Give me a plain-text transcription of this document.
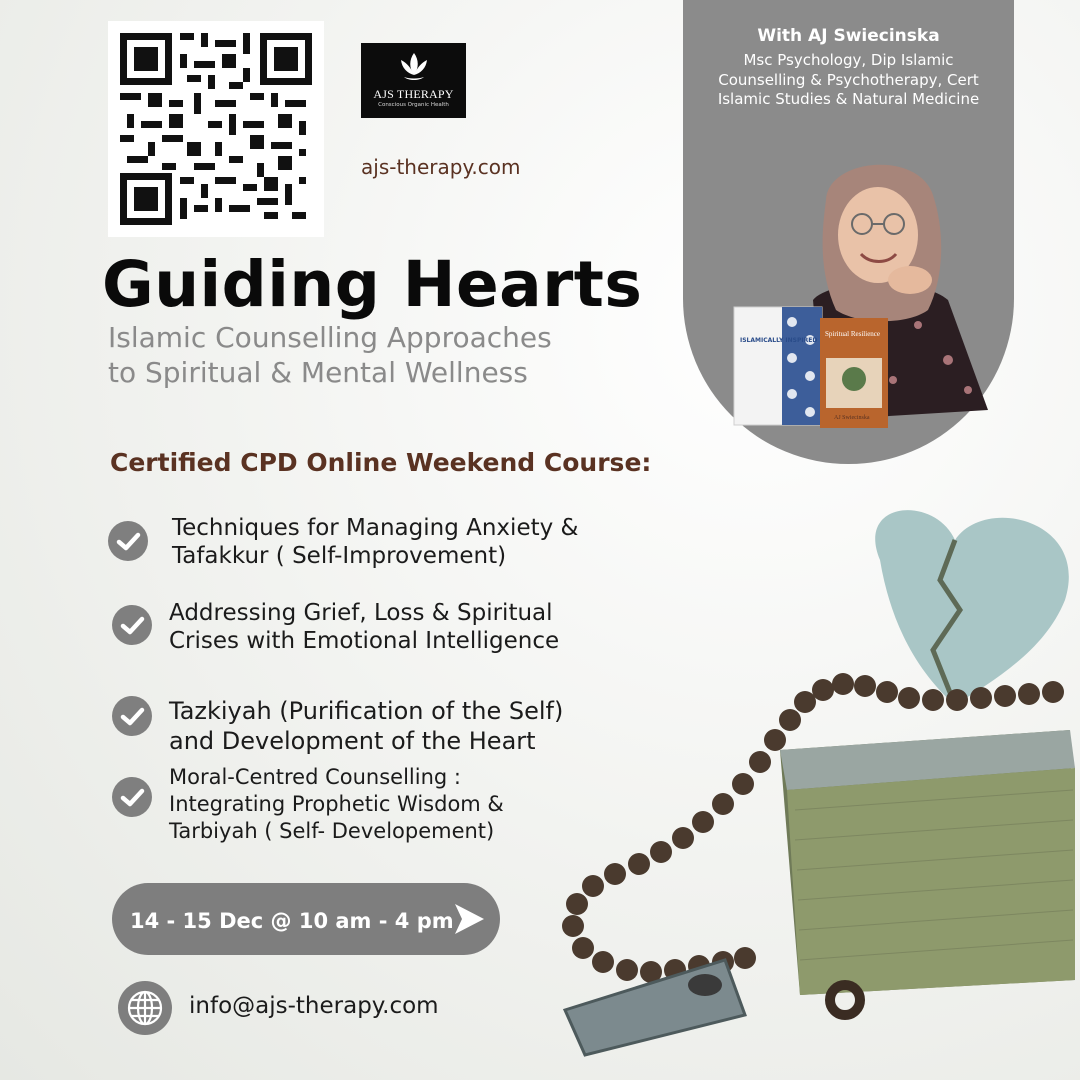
AJS THERAPY
Conscious Organic Health
ajs-therapy.com
Guiding Hearts
Islamic Counselling Approaches
to Spiritual & Mental Wellness
With AJ Swiecinska
Msc Psychology, Dip Islamic
Counselling & Psychotherapy, Cert
Islamic Studies & Natural Medicine
ISLAMICALLY INSPIRED
Spiritual Resilience
AJ Swiecinska
Certified CPD Online Weekend Course:
Techniques for Managing Anxiety &
Tafakkur ( Self-Improvement)
Addressing Grief, Loss & Spiritual
Crises with Emotional Intelligence
Tazkiyah (Purification of the Self)
and Development of the Heart
Moral-Centred Counselling :
Integrating Prophetic Wisdom &
Tarbiyah ( Self- Developement)
14 - 15 Dec @ 10 am - 4 pm
info@ajs-therapy.com
